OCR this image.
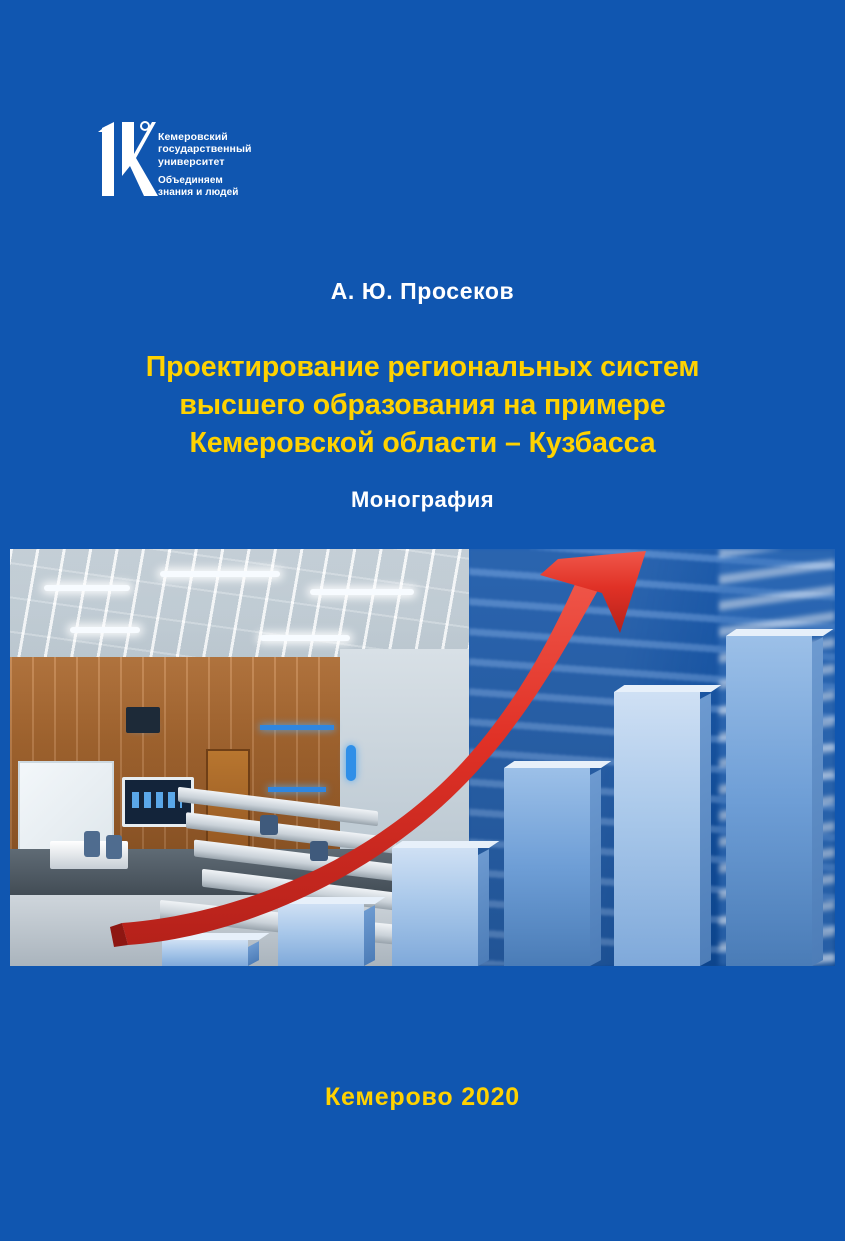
Кемеровский
государственный
университет
Объединяем
знания и людей
А. Ю. Просеков
Проектирование региональных систем
высшего образования на примере
Кемеровской области – Кузбасса
Монография
Кемерово 2020
